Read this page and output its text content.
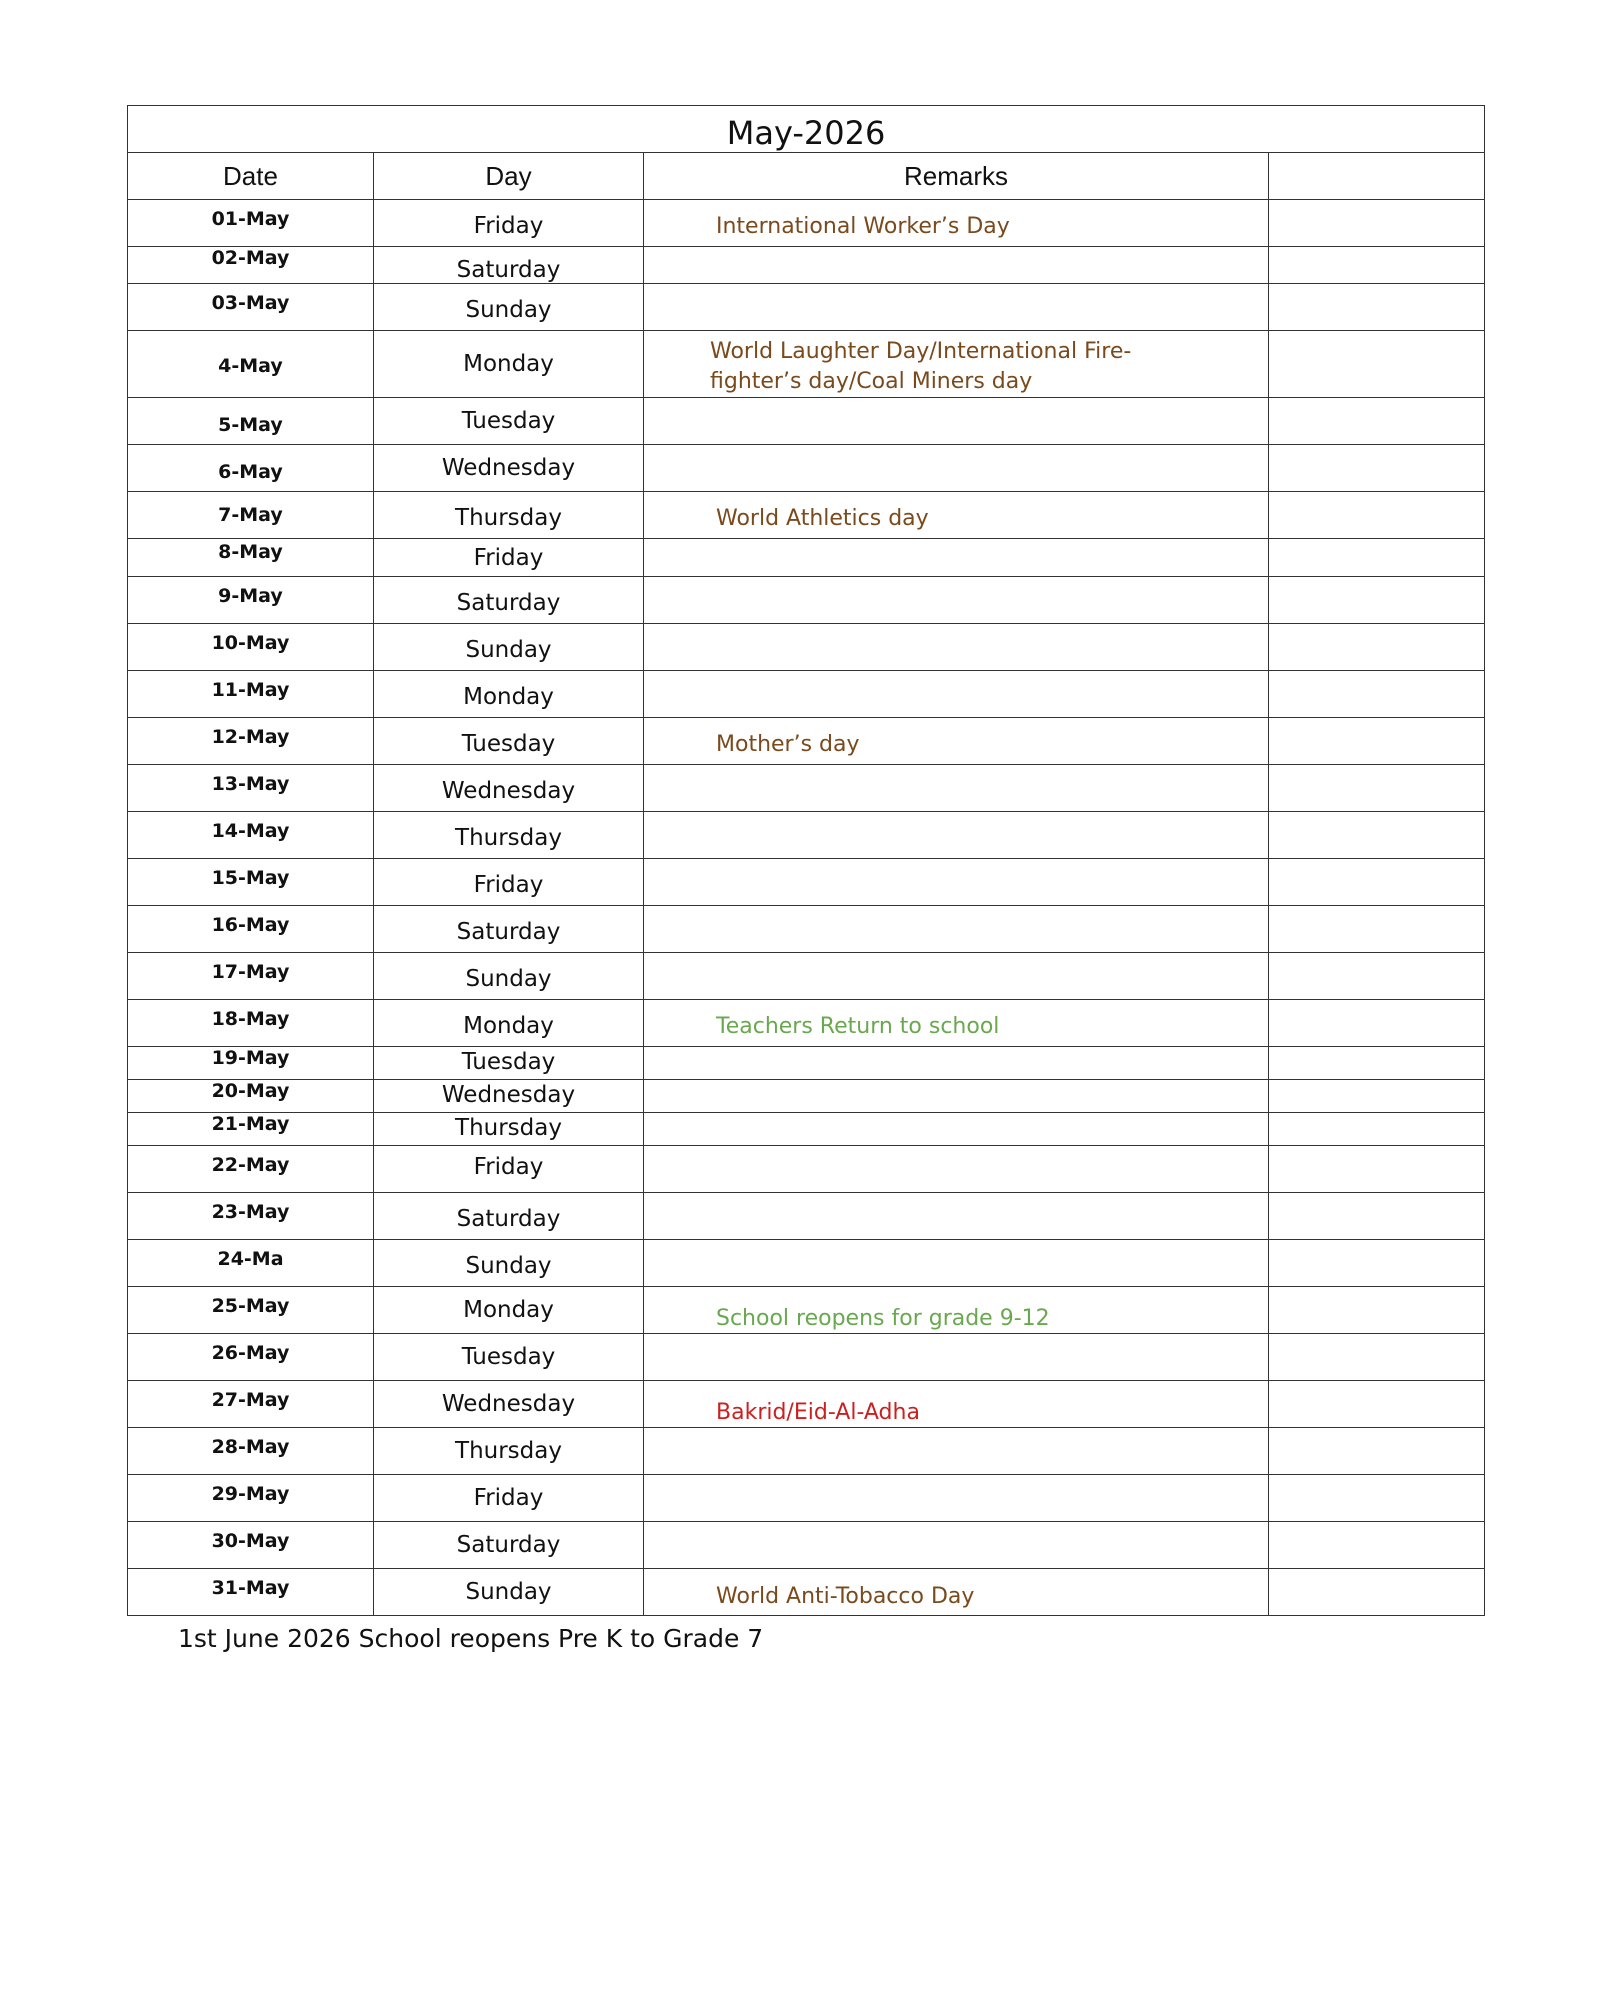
May-2026			
Date	Day	Remarks	
01-May	Friday	International Worker’s Day	
02-May	Saturday		
03-May	Sunday		
4-May	Monday	World Laughter Day/International Fire-fighter’s day/Coal Miners day	
5-May	Tuesday		
6-May	Wednesday		
7-May	Thursday	World Athletics day	
8-May	Friday		
9-May	Saturday		
10-May	Sunday		
11-May	Monday		
12-May	Tuesday	Mother’s day	
13-May	Wednesday		
14-May	Thursday		
15-May	Friday		
16-May	Saturday		
17-May	Sunday		
18-May	Monday	Teachers Return to school	
19-May	Tuesday		
20-May	Wednesday		
21-May	Thursday		
22-May	Friday		
23-May	Saturday		
24-Ma	Sunday		
25-May	Monday	School reopens for grade 9-12	
26-May	Tuesday		
27-May	Wednesday	Bakrid/Eid-Al-Adha	
28-May	Thursday		
29-May	Friday		
30-May	Saturday		
31-May	Sunday	World Anti-Tobacco Day	
1st June 2026 School reopens Pre K to Grade 7
